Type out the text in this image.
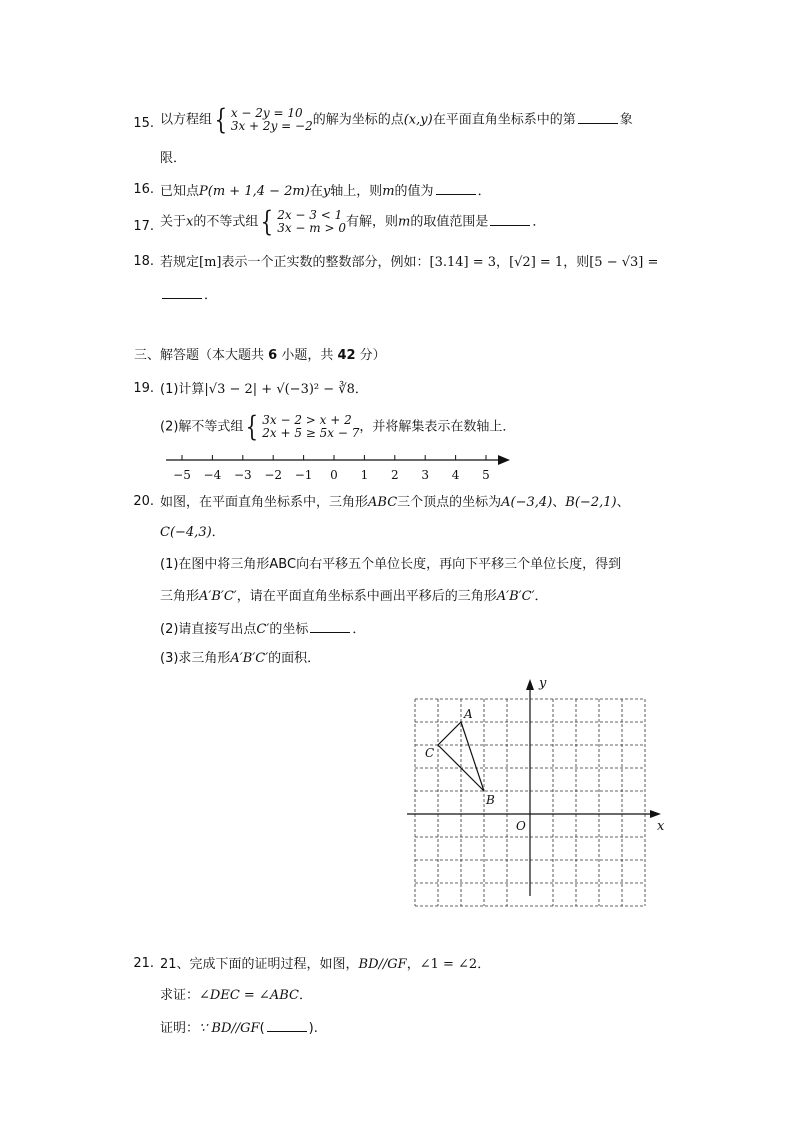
15. 以方程组 { x − 2y = 10
3x + 2y = −2 的解为坐标的点(x,y)在平面直角坐标系中的第	象
限．
16. 已知点P(m + 1,4 − 2m)在y轴上，则m的值为	．
17. 关于x的不等式组 { 2x − 3 < 1
3x − m > 0 有解，则m的取值范围是	．
18. 若规定[m]表示一个正实数的整数部分，例如：[3.14] = 3，[√2] = 1，则[5 − √3] =
．
三、解答题（本大题共 6 小题，共 42 分）
19. (1)计算|√3 − 2| + √(−3)² − ∛8．
(2)解不等式组 { 3x − 2 > x + 2
2x + 5 ≥ 5x − 7 ，并将解集表示在数轴上．
−5 −4 −3 −2 −1 0 1 2 3 4 5
x
y
O
A
B
C
20. 如图，在平面直角坐标系中，三角形ABC三个顶点的坐标为A(−3,4)、B(−2,1)、
C(−4,3)．
(1)在图中将三角形ABC向右平移五个单位长度，再向下平移三个单位长度，得到
三角形A′B′C′，请在平面直角坐标系中画出平移后的三角形A′B′C′．
(2)请直接写出点C′的坐标	．
(3)求三角形A′B′C′的面积．
21. 21、完成下面的证明过程，如图，BD//GF，∠1 = ∠2．
求证：∠DEC = ∠ABC．
证明：∵ BD//GF(	).
